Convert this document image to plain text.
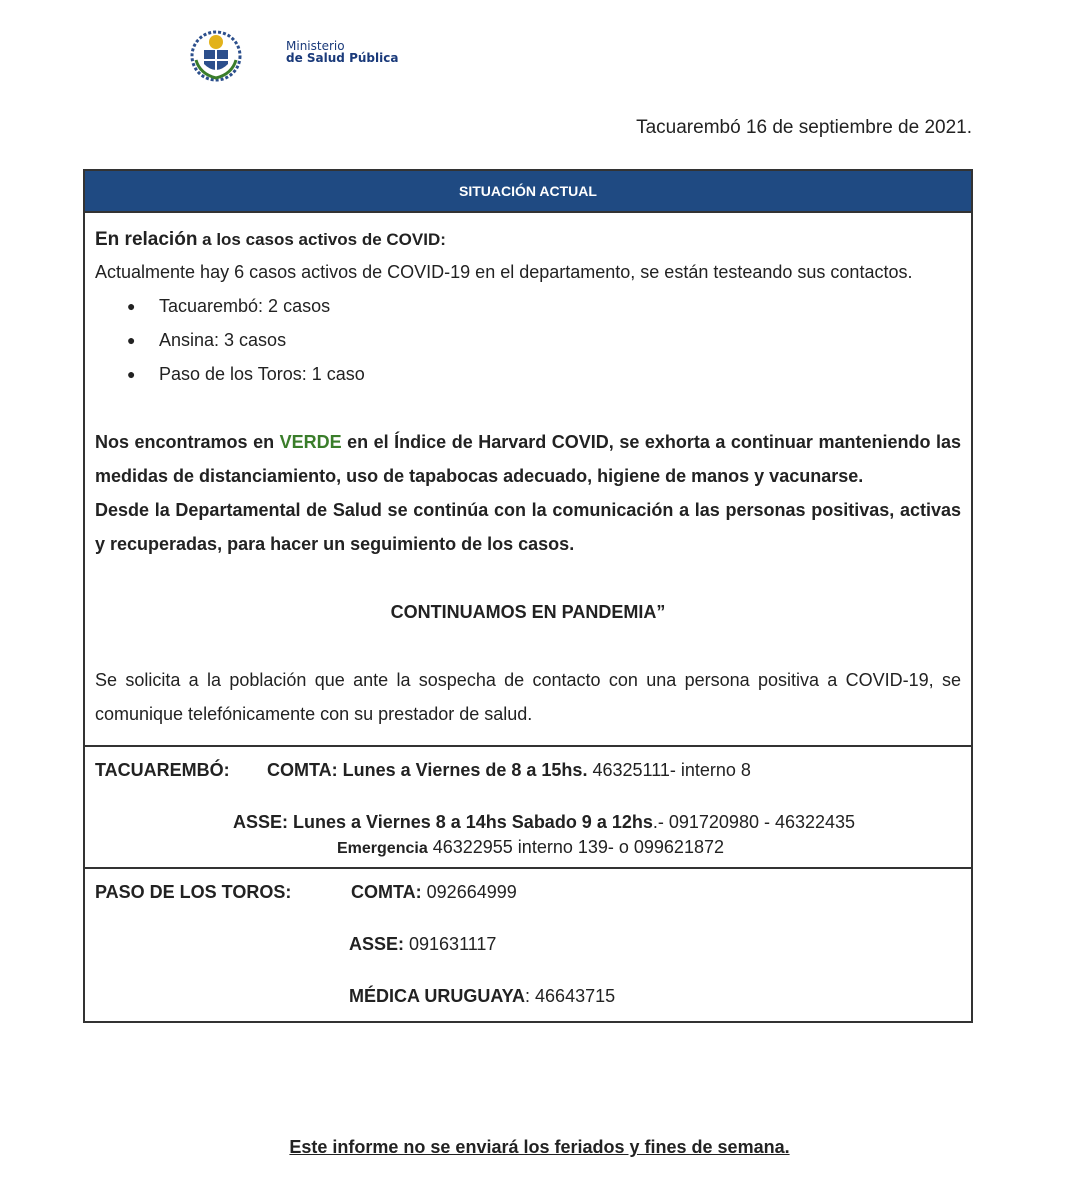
Ministerio
de Salud Pública
Tacuarembó 16 de septiembre de 2021.
SITUACIÓN ACTUAL
En relación a los casos activos de COVID:
Actualmente hay 6 casos activos de COVID-19 en el departamento, se están testeando sus contactos.
● Tacuarembó: 2 casos
● Ansina: 3 casos
● Paso de los Toros: 1 caso
Nos encontramos en VERDE en el Índice de Harvard COVID, se exhorta a continuar manteniendo las medidas de distanciamiento, uso de tapabocas adecuado, higiene de manos y vacunarse.
Desde la Departamental de Salud se continúa con la comunicación a las personas positivas, activas y recuperadas, para hacer un seguimiento de los casos.
CONTINUAMOS EN PANDEMIA”
Se solicita a la población que ante la sospecha de contacto con una persona positiva a COVID-19, se comunique telefónicamente con su prestador de salud.
TACUAREMBÓ: COMTA: Lunes a Viernes de 8 a 15hs. 46325111- interno 8
ASSE: Lunes a Viernes 8 a 14hs Sabado 9 a 12hs.- 091720980 - 46322435
Emergencia 46322955 interno 139- o 099621872
PASO DE LOS TOROS:	COMTA: 092664999
ASSE: 091631117
MÉDICA URUGUAYA: 46643715
Este informe no se enviará los feriados y fines de semana.
